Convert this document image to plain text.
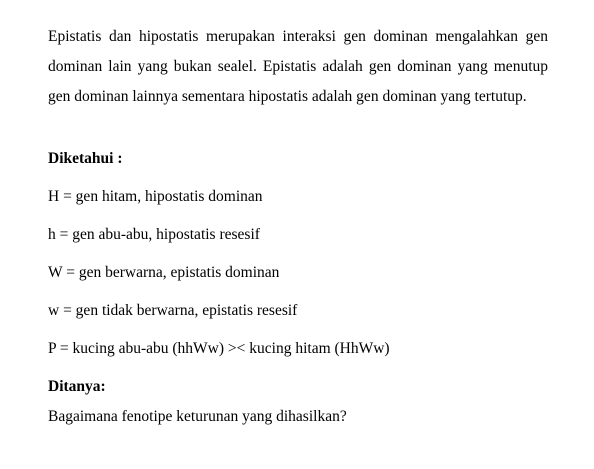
Epistatis dan hipostatis merupakan interaksi gen dominan mengalahkan gen dominan lain yang bukan sealel. Epistatis adalah gen dominan yang menutup gen dominan lainnya sementara hipostatis adalah gen dominan yang tertutup.

Diketahui :

H = gen hitam, hipostatis dominan

h = gen abu-abu, hipostatis resesif

W = gen berwarna, epistatis dominan

w = gen tidak berwarna, epistatis resesif

P = kucing abu-abu (hhWw) >< kucing hitam (HhWw)

Ditanya:

Bagaimana fenotipe keturunan yang dihasilkan?
